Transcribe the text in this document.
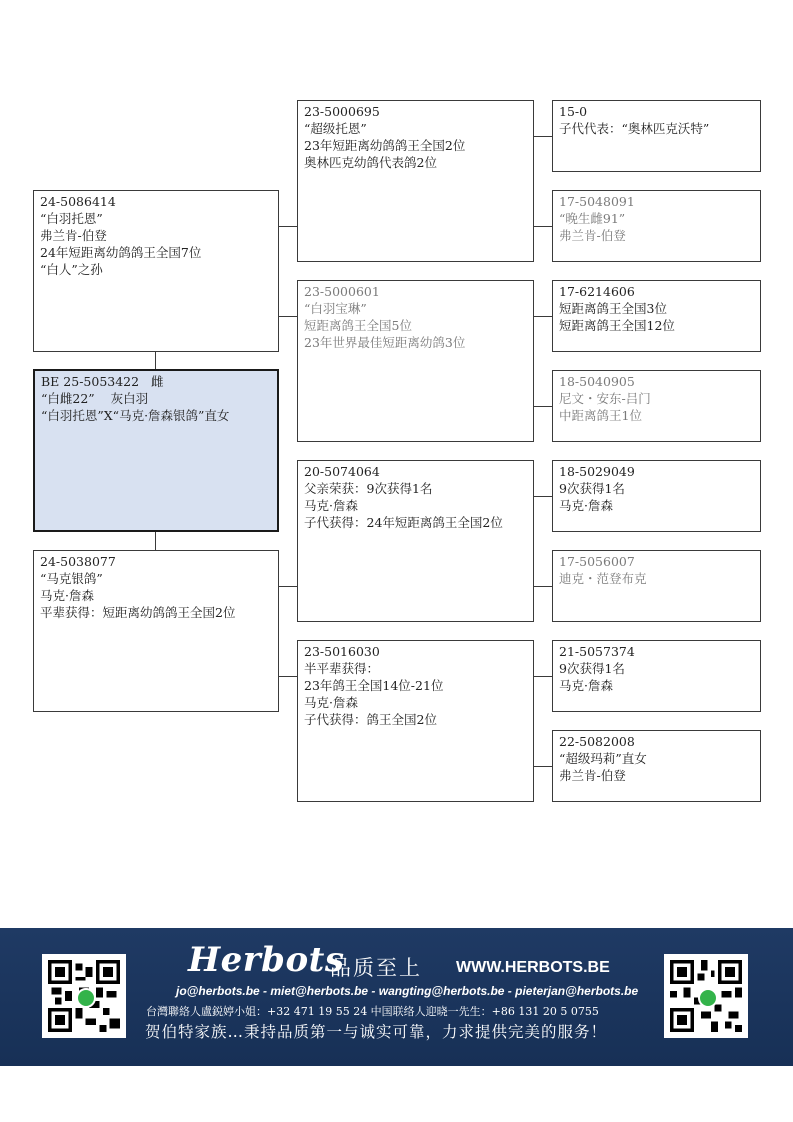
23-5000695
“超级托恩”
23年短距离幼鸽鸽王全国2位
奥林匹克幼鸽代表鸽2位
23-5000601
“白羽宝琳”
短距离鸽王全国5位
23年世界最佳短距离幼鸽3位
20-5074064
父亲荣获：9次获得1名
马克·詹森
子代获得：24年短距离鸽王全国2位
23-5016030
半平辈获得：
23年鸽王全国14位-21位
马克·詹森
子代获得：鸽王全国2位
24-5086414
“白羽托恩”
弗兰肯-伯登
24年短距离幼鸽鸽王全国7位
“白人”之孙
BE 25-5053422   雌
“白雌22”    灰白羽
“白羽托恩”X“马克·詹森银鸽”直女
24-5038077
“马克银鸽”
马克·詹森
平辈获得：短距离幼鸽鸽王全国2位
15-0
子代代表：“奥林匹克沃特”
17-5048091
“晚生雌91”
弗兰肯-伯登
17-6214606
短距离鸽王全国3位
短距离鸽王全国12位
18-5040905
尼文・安东-吕门
中距离鸽王1位
18-5029049
9次获得1名
马克·詹森
17-5056007
迪克・范登布克
21-5057374
9次获得1名
马克·詹森
22-5082008
“超级玛莉”直女
弗兰肯-伯登
Herbots
品质至上 WWW.HERBOTS.BE
jo@herbots.be - miet@herbots.be - wangting@herbots.be - pieterjan@herbots.be
台灣聯絡人盧鋭婷小姐：+32 471 19 55 24 中国联络人迎晓一先生：+86 131 20 5 0755
贺伯特家族…秉持品质第一与诚实可靠，力求提供完美的服务！
